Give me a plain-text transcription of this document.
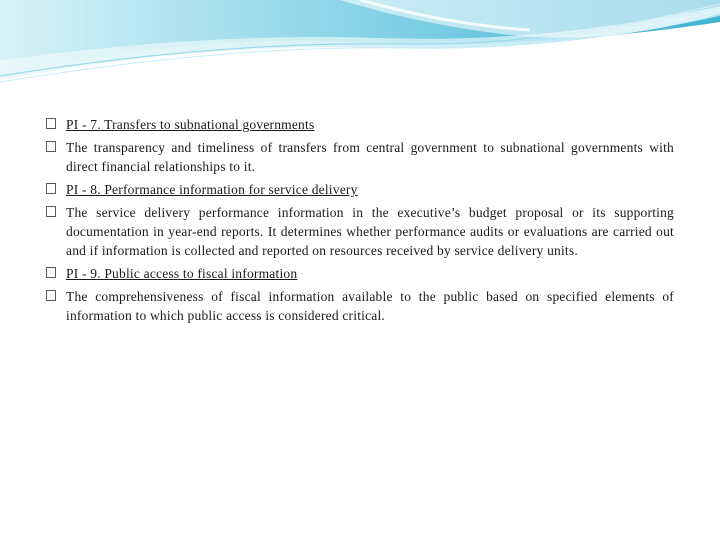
PI - 7. Transfers to subnational governments
The transparency and timeliness of transfers from central government to subnational governments with direct financial relationships to it.
PI - 8. Performance information for service delivery
The service delivery performance information in the executive’s budget proposal or its supporting documentation in year-end reports. It determines whether performance audits or evaluations are carried out and if information is collected and reported on resources received by service delivery units.
PI - 9. Public access to fiscal information
The comprehensiveness of fiscal information available to the public based on specified elements of information to which public access is considered critical.
